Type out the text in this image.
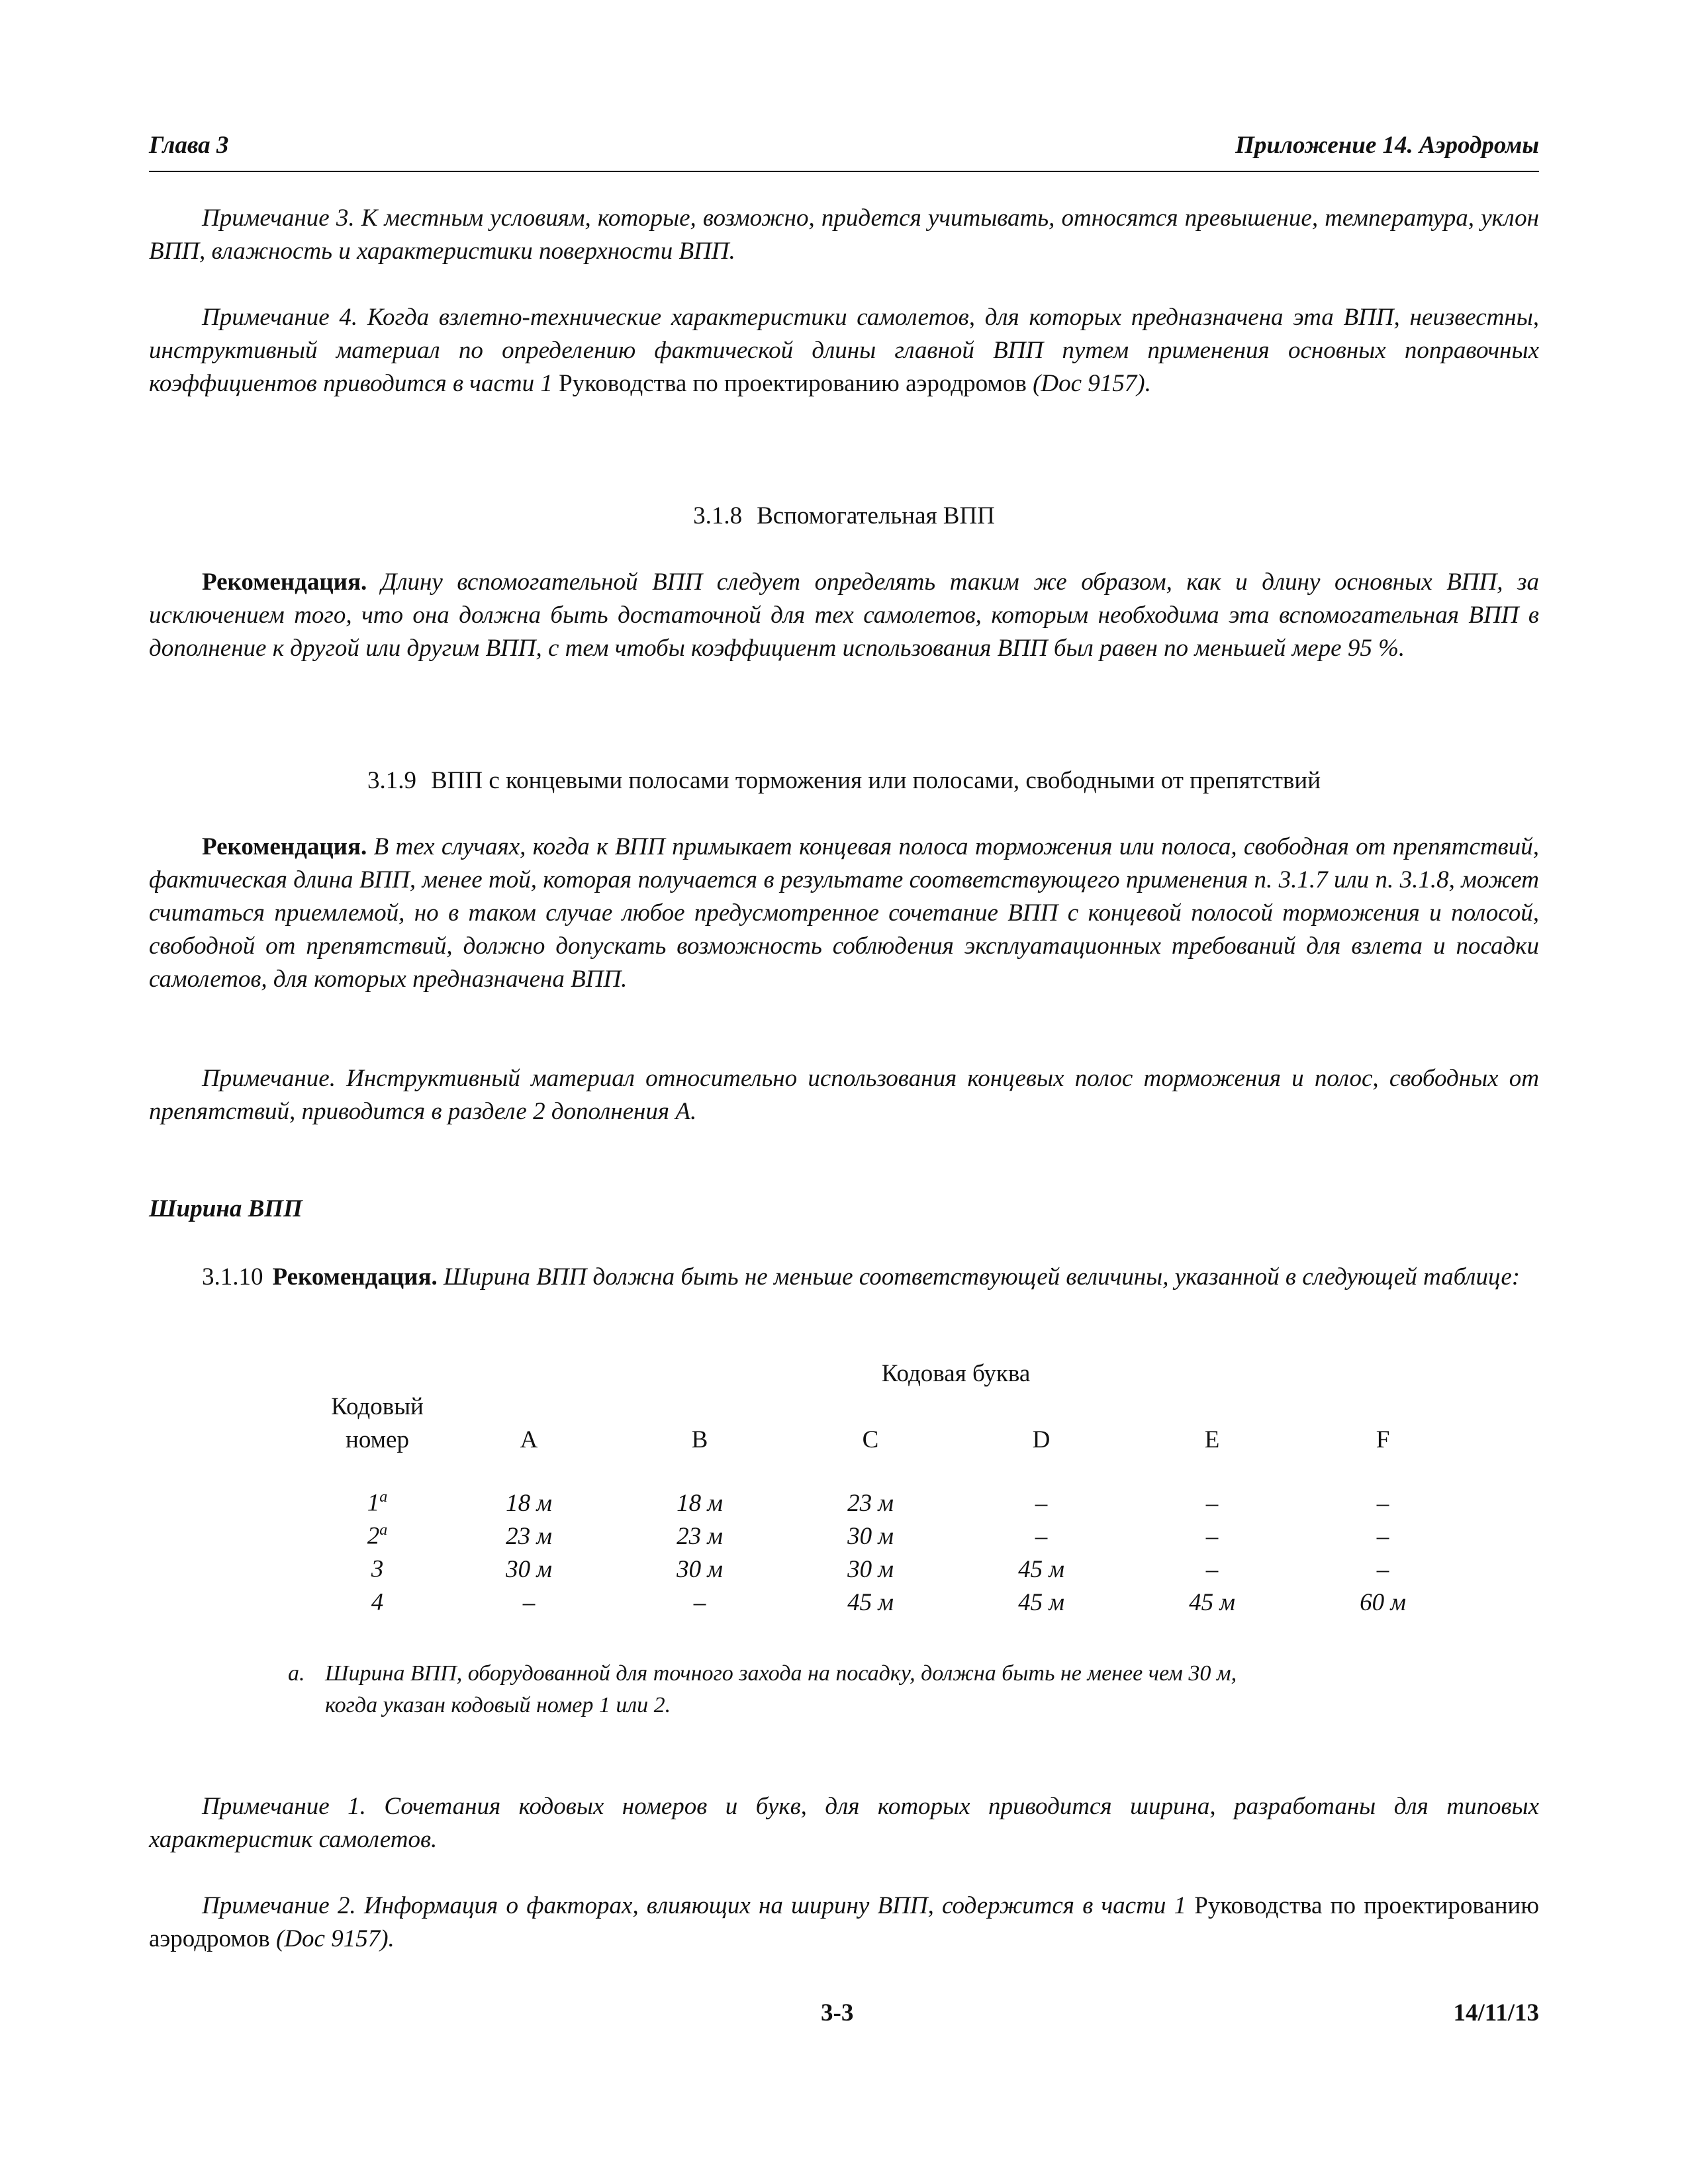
Глава 3	Приложение 14. Аэродромы
Примечание 3. К местным условиям, которые, возможно, придется учитывать, относятся превышение, температура, уклон ВПП, влажность и характеристики поверхности ВПП.
Примечание 4. Когда взлетно-технические характеристики самолетов, для которых предназначена эта ВПП, неизвестны, инструктивный материал по определению фактической длины главной ВПП путем применения основных поправочных коэффициентов приводится в части 1 Руководства по проектированию аэродромов (Doc 9157).
3.1.8 Вспомогательная ВПП
Рекомендация. Длину вспомогательной ВПП следует определять таким же образом, как и длину основных ВПП, за исключением того, что она должна быть достаточной для тех самолетов, которым необходима эта вспомогательная ВПП в дополнение к другой или другим ВПП, с тем чтобы коэффициент использования ВПП был равен по меньшей мере 95 %.
3.1.9 ВПП с концевыми полосами торможения или полосами, свободными от препятствий
Рекомендация. В тех случаях, когда к ВПП примыкает концевая полоса торможения или полоса, свободная от препятствий, фактическая длина ВПП, менее той, которая получается в результате соответствующего применения п. 3.1.7 или п. 3.1.8, может считаться приемлемой, но в таком случае любое предусмотренное сочетание ВПП с концевой полосой торможения и полосой, свободной от препятствий, должно допускать возможность соблюдения эксплуатационных требований для взлета и посадки самолетов, для которых предназначена ВПП.
Примечание. Инструктивный материал относительно использования концевых полос торможения и полос, свободных от препятствий, приводится в разделе 2 дополнения A.
Ширина ВПП
3.1.10 Рекомендация. Ширина ВПП должна быть не меньше соответствующей величины, указанной в следующей таблице:
	Кодовая буква					
Кодовый						
номер	A	B	C	D	E	F

1$^a$	18 м	18 м	23 м	–	–	–
2$^a$	23 м	23 м	30 м	–	–	–
3	30 м	30 м	30 м	45 м	–	–
4	–	–	45 м	45 м	45 м	60 м
a. Ширина ВПП, оборудованной для точного захода на посадку, должна быть не менее чем 30 м,
когда указан кодовый номер 1 или 2.
Примечание 1. Сочетания кодовых номеров и букв, для которых приводится ширина, разработаны для типовых характеристик самолетов.
Примечание 2. Информация о факторах, влияющих на ширину ВПП, содержится в части 1 Руководства по проектированию аэродромов (Doc 9157).
3-3	14/11/13
